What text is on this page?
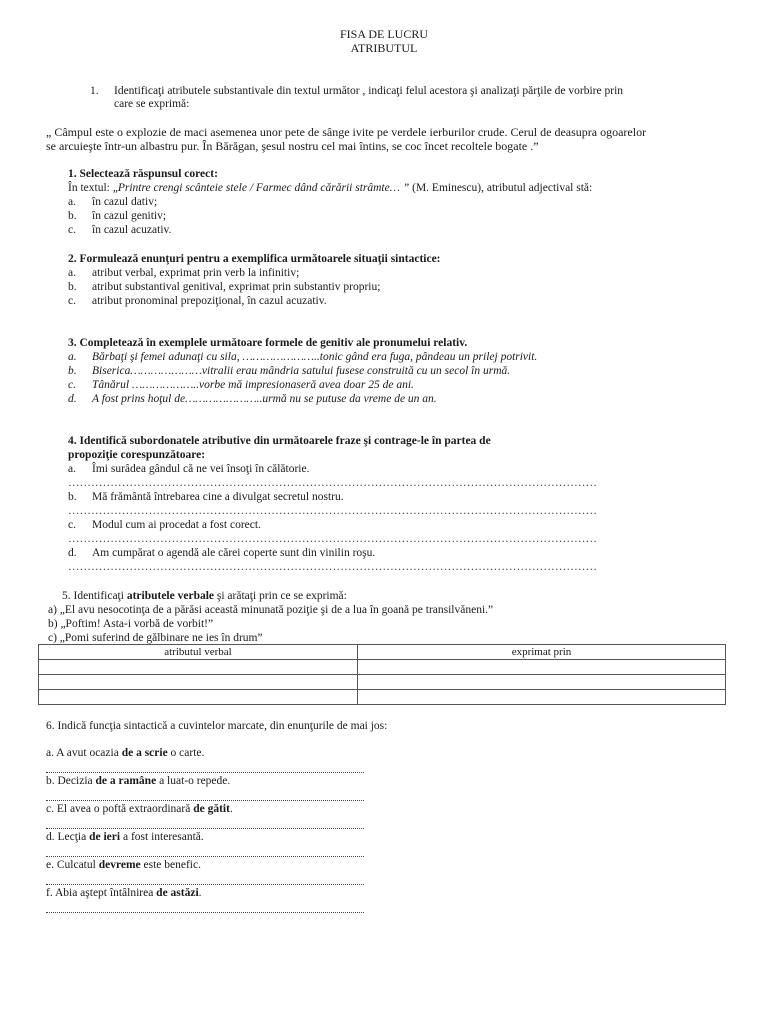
FISA DE LUCRU
ATRIBUTUL
1. Identificaţi atributele substantivale din textul următor , indicaţi felul acestora şi analizaţi părţile de vorbire prin
care se exprimă:
„ Câmpul este o explozie de maci asemenea unor pete de sânge ivite pe verdele ierburilor crude. Cerul de deasupra ogoarelor
se arcuieşte într-un albastru pur. În Bărăgan, şesul nostru cel mai întins, se coc încet recoltele bogate .”
1. Selectează răspunsul corect:
În textul: „Printre crengi scânteie stele / Farmec dând cărării strâmte… ” (M. Eminescu), atributul adjectival stă:
a. în cazul dativ;
b. în cazul genitiv;
c. în cazul acuzativ.
2. Formulează enunţuri pentru a exemplifica următoarele situaţii sintactice:
a. atribut verbal, exprimat prin verb la infinitiv;
b. atribut substantival genitival, exprimat prin substantiv propriu;
c. atribut pronominal prepoziţional, în cazul acuzativ.
3. Completează în exemplele următoare formele de genitiv ale pronumelui relativ.
a. Bărbaţi şi femei adunaţi cu sila, …………………..tonic gând era fuga, pândeau un prilej potrivit.
b. Biserica…………………vitralii erau mândria satului fusese construită cu un secol în urmă.
c. Tânărul ………………..vorbe mă impresionaseră avea doar 25 de ani.
d. A fost prins hoţul de…………………..urmă nu se putuse da vreme de un an.
4. Identifică subordonatele atributive din următoarele fraze şi contrage-le în partea de
propoziţie corespunzătoare:
a. Îmi surâdea gândul că ne vei însoţi în călătorie.
…………………………………………………………………………………………………………………………
b. Mă frământă întrebarea cine a divulgat secretul nostru.
…………………………………………………………………………………………………………………………
c. Modul cum ai procedat a fost corect.
…………………………………………………………………………………………………………………………
d. Am cumpărat o agendă ale cărei coperte sunt din vinilin roşu.
…………………………………………………………………………………………………………………………
5. Identificaţi atributele verbale şi arătaţi prin ce se exprimă:
a) „El avu nesocotinţa de a părăsi această minunată poziţie şi de a lua în goană pe transilvăneni.”
b) „Poftim! Asta-i vorbă de vorbit!”
c) „Pomi suferind de gălbinare ne ies în drum”
atributul verbal	exprimat prin

6. Indică funcţia sintactică a cuvintelor marcate, din enunţurile de mai jos:
a. A avut ocazia de a scrie o carte.
b. Decizia de a ramâne a luat-o repede.
c. El avea o poftă extraordinară de gătit.
d. Lecţia de ieri a fost interesantă.
e. Culcatul devreme este benefic.
f. Abia aştept întâlnirea de astăzi.
